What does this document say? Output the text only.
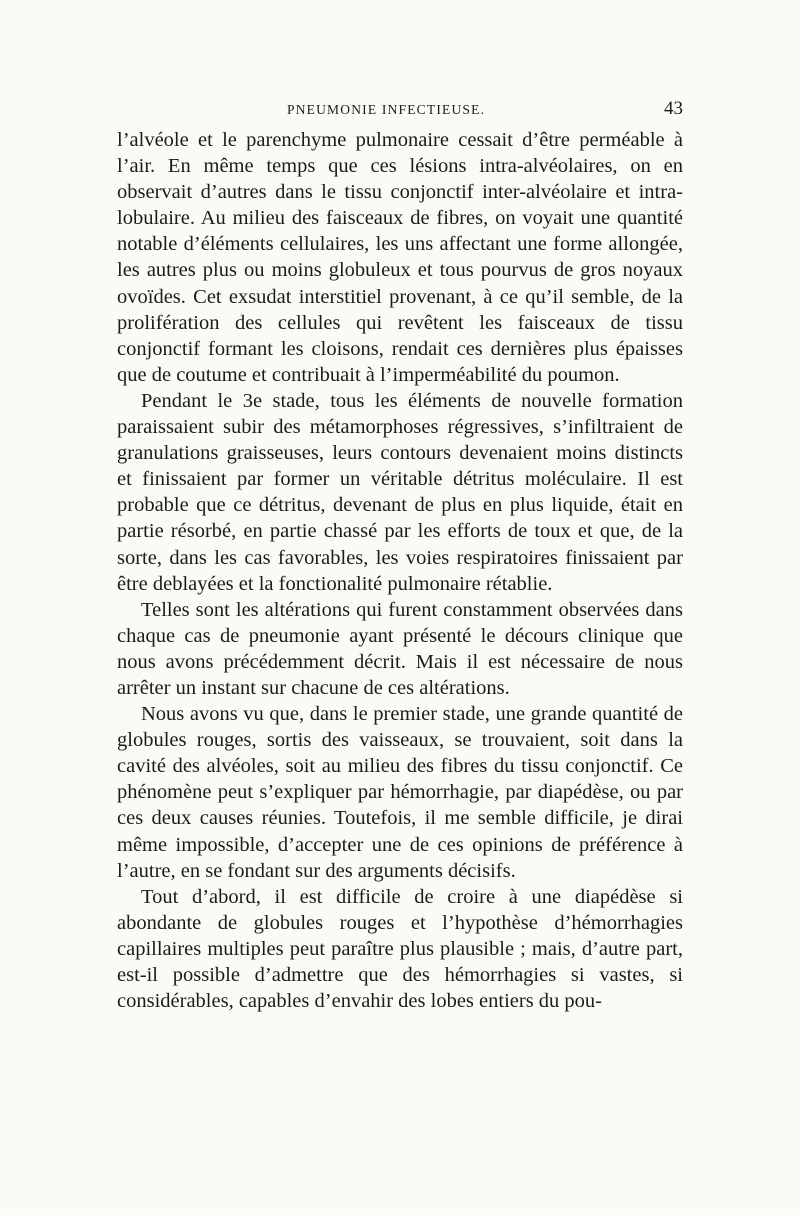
PNEUMONIE INFECTIEUSE.	43

l’alvéole et le parenchyme pulmonaire cessait d’être perméable à l’air. En même temps que ces lésions intra-alvéolaires, on en observait d’autres dans le tissu conjonctif inter-alvéolaire et intra-lobulaire. Au milieu des faisceaux de fibres, on voyait une quantité notable d’éléments cellulaires, les uns affectant une forme allongée, les autres plus ou moins globuleux et tous pourvus de gros noyaux ovoïdes. Cet exsudat interstitiel provenant, à ce qu’il semble, de la prolifération des cellules qui revêtent les faisceaux de tissu conjonctif formant les cloisons, rendait ces dernières plus épaisses que de coutume et contribuait à l’imperméabilité du poumon.

Pendant le 3e stade, tous les éléments de nouvelle formation paraissaient subir des métamorphoses régressives, s’infiltraient de granulations graisseuses, leurs contours devenaient moins distincts et finissaient par former un véritable détritus moléculaire. Il est probable que ce détritus, devenant de plus en plus liquide, était en partie résorbé, en partie chassé par les efforts de toux et que, de la sorte, dans les cas favorables, les voies respiratoires finissaient par être deblayées et la fonctionalité pulmonaire rétablie.

Telles sont les altérations qui furent constamment observées dans chaque cas de pneumonie ayant présenté le décours clinique que nous avons précédemment décrit. Mais il est nécessaire de nous arrêter un instant sur chacune de ces altérations.

Nous avons vu que, dans le premier stade, une grande quantité de globules rouges, sortis des vaisseaux, se trouvaient, soit dans la cavité des alvéoles, soit au milieu des fibres du tissu conjonctif. Ce phénomène peut s’expliquer par hémorrhagie, par diapédèse, ou par ces deux causes réunies. Toutefois, il me semble difficile, je dirai même impossible, d’accepter une de ces opinions de préférence à l’autre, en se fondant sur des arguments décisifs.

Tout d’abord, il est difficile de croire à une diapédèse si abondante de globules rouges et l’hypothèse d’hémorrhagies capillaires multiples peut paraître plus plausible ; mais, d’autre part, est-il possible d’admettre que des hémorrhagies si vastes, si considérables, capables d’envahir des lobes entiers du pou-
